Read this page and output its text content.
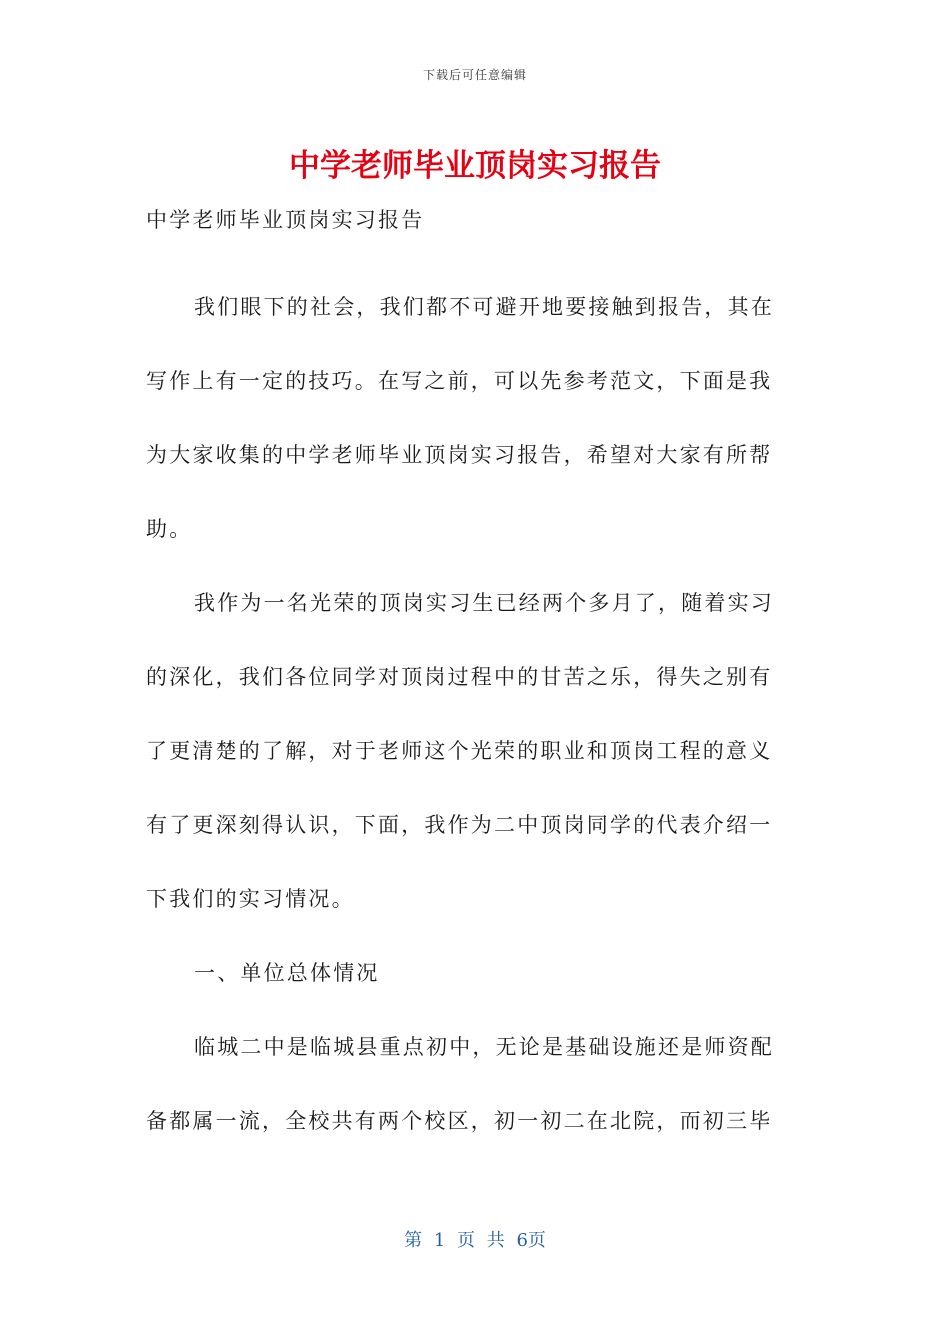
下载后可任意编辑
中学老师毕业顶岗实习报告

中学老师毕业顶岗实习报告

我们眼下的社会，我们都不可避开地要接触到报告，其在写作上有一定的技巧。在写之前，可以先参考范文，下面是我为大家收集的中学老师毕业顶岗实习报告，希望对大家有所帮助。

我作为一名光荣的顶岗实习生已经两个多月了，随着实习的深化，我们各位同学对顶岗过程中的甘苦之乐，得失之别有了更清楚的了解，对于老师这个光荣的职业和顶岗工程的意义有了更深刻得认识，下面，我作为二中顶岗同学的代表介绍一下我们的实习情况。

一、单位总体情况

临城二中是临城县重点初中，无论是基础设施还是师资配备都属一流，全校共有两个校区，初一初二在北院，而初三毕

第 1 页 共 6页
